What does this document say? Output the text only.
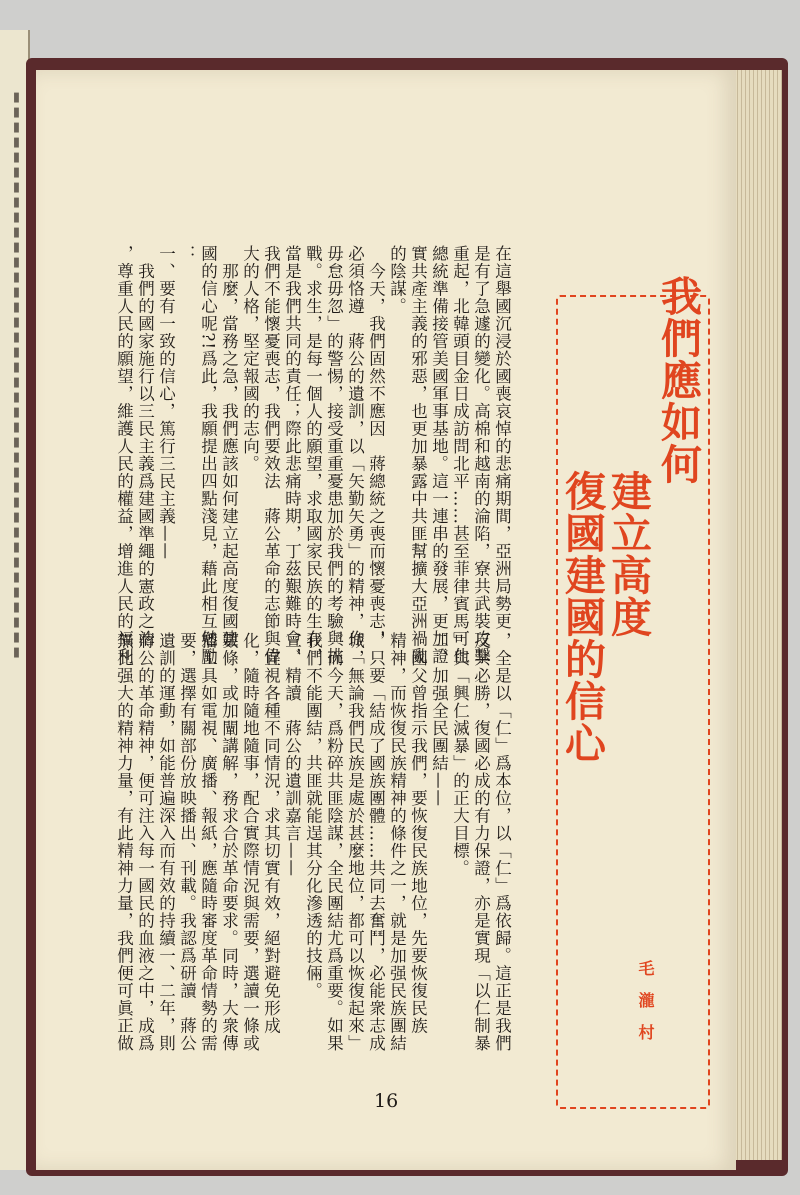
▮▮▮▮▮▮▮▮▮▮▮▮▮▮▮▮▮▮▮▮▮▮▮▮▮▮▮▮▮▮▮▮▮▮▮▮▮▮	我們應如何
建立高度
復國建國的信心
毛瀧村
在這舉國沉浸於國喪哀悼的悲痛期間，亞洲局勢更
是有了急遽的變化。高棉和越南的淪陷，寮共武裝攻擊
重起，北韓頭目金日成訪問北平……甚至菲律賓馬可仕
總統準備接管美國軍事基地。這一連串的發展，更加證
實共產主義的邪惡，也更加暴露中共匪幫擴大亞洲禍亂
的陰謀。
　今天，我們固然不應因　蔣總統之喪而懷憂喪志，
必須恪遵　蔣公的遺訓，以「矢勤矢勇」的精神，作「
毋怠毋忽」的警惕，接受重重憂患加於我們的考驗與挑
戰。求生，是每一個人的願望，求取國家民族的生存，
當是我們共同的責任；際此悲痛時期，丁茲艱難時會，
我們不能懷憂喪志，我們要效法　蔣公革命的志節與偉
大的人格，堅定報國的志向。
　那麼，當務之急，我們應該如何建立起高度復國建
國的信心呢?!爲此，我願提出四點淺見，藉此相互勉勵
：
一、要有一致的信心，篤行三民主義——
　我們的國家施行以三民主義爲建國準繩的憲政之治
，尊重人民的願望，維護人民的權益，增進人民的福利
，全是以「仁」爲本位，以「仁」爲依歸。這正是我們
反共必勝，復國必成的有力保證，亦是實現「以仁制暴
」與「興仁滅暴」的正大目標。
二、加强全民團結——
　國父曾指示我們，要恢復民族地位，先要恢復民族
精神，而恢復民族精神的條件之一，就是加强民族團結
，只要「結成了國族團體……共同去奮鬥，必能衆志成
城，無論我們民族是處於甚麼地位，都可以恢復起來」
。而今天，爲粉碎共匪陰謀，全民團結尤爲重要。如果
我們不能團結，共匪就能逞其分化滲透的技倆。
三、精讀　蔣公的遺訓嘉言——
　宜視各種不同情況，求其切實有效，絕對避免形成
化，隨時隨地隨事，配合實際情況與需要，選讀一條或
數條，或加闡講解，務求合於革命要求。同時，大衆傳
播工具如電視、廣播、報紙，應隨時審度革命情勢的需
要，選擇有關部份放映播出、刊載。我認爲研讀　蔣公
遺訓的運動，如能普遍深入而有效的持續一、二年，則
蔣公的革命精神，便可注入每一國民的血液之中，成爲
無比强大的精神力量，有此精神力量，我們便可眞正做
16
